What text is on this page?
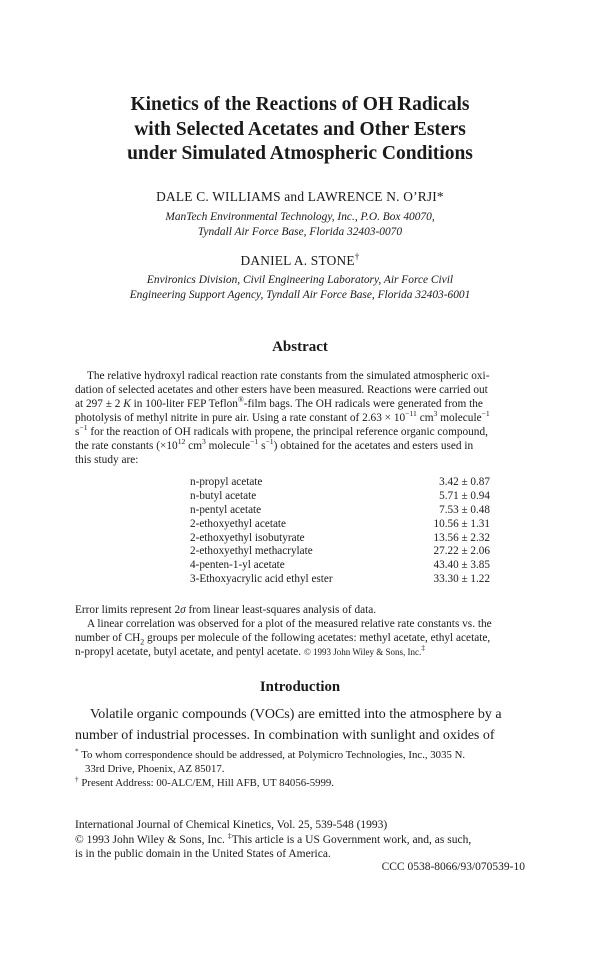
Kinetics of the Reactions of OH Radicals
with Selected Acetates and Other Esters
under Simulated Atmospheric Conditions
DALE C. WILLIAMS and LAWRENCE N. O’RJI*
ManTech Environmental Technology, Inc., P.O. Box 40070,
Tyndall Air Force Base, Florida 32403-0070
DANIEL A. STONE†
Environics Division, Civil Engineering Laboratory, Air Force Civil
Engineering Support Agency, Tyndall Air Force Base, Florida 32403-6001
Abstract
The relative hydroxyl radical reaction rate constants from the simulated atmospheric oxi-
dation of selected acetates and other esters have been measured. Reactions were carried out
at 297 ± 2 K in 100-liter FEP Teflon®-film bags. The OH radicals were generated from the
photolysis of methyl nitrite in pure air. Using a rate constant of $2.63 \times 10^{-11}$ $cm^3$ molecule$^{-1}$
$s^{-1}$ for the reaction of OH radicals with propene, the principal reference organic compound,
the rate constants ($\times 10^{12}$ $cm^3$ molecule$^{-1}$ $s^{-1}$) obtained for the acetates and esters used in
this study are:
n-propyl acetate	3.42 ± 0.87
n-butyl acetate	5.71 ± 0.94
n-pentyl acetate	7.53 ± 0.48
2-ethoxyethyl acetate	10.56 ± 1.31
2-ethoxyethyl isobutyrate	13.56 ± 2.32
2-ethoxyethyl methacrylate	27.22 ± 2.06
4-penten-1-yl acetate	43.40 ± 3.85
3-Ethoxyacrylic acid ethyl ester	33.30 ± 1.22
Error limits represent 2σ from linear least-squares analysis of data.
A linear correlation was observed for a plot of the measured relative rate constants vs. the
number of $CH_2$ groups per molecule of the following acetates: methyl acetate, ethyl acetate,
n-propyl acetate, butyl acetate, and pentyl acetate. © 1993 John Wiley & Sons, Inc.‡
Introduction
Volatile organic compounds (VOCs) are emitted into the atmosphere by a
number of industrial processes. In combination with sunlight and oxides of
* To whom correspondence should be addressed, at Polymicro Technologies, Inc., 3035 N.
33rd Drive, Phoenix, AZ 85017.
† Present Address: 00-ALC/EM, Hill AFB, UT 84056-5999.
International Journal of Chemical Kinetics, Vol. 25, 539-548 (1993)
© 1993 John Wiley & Sons, Inc. ‡This article is a US Government work, and, as such,
is in the public domain in the United States of America.
CCC 0538-8066/93/070539-10
